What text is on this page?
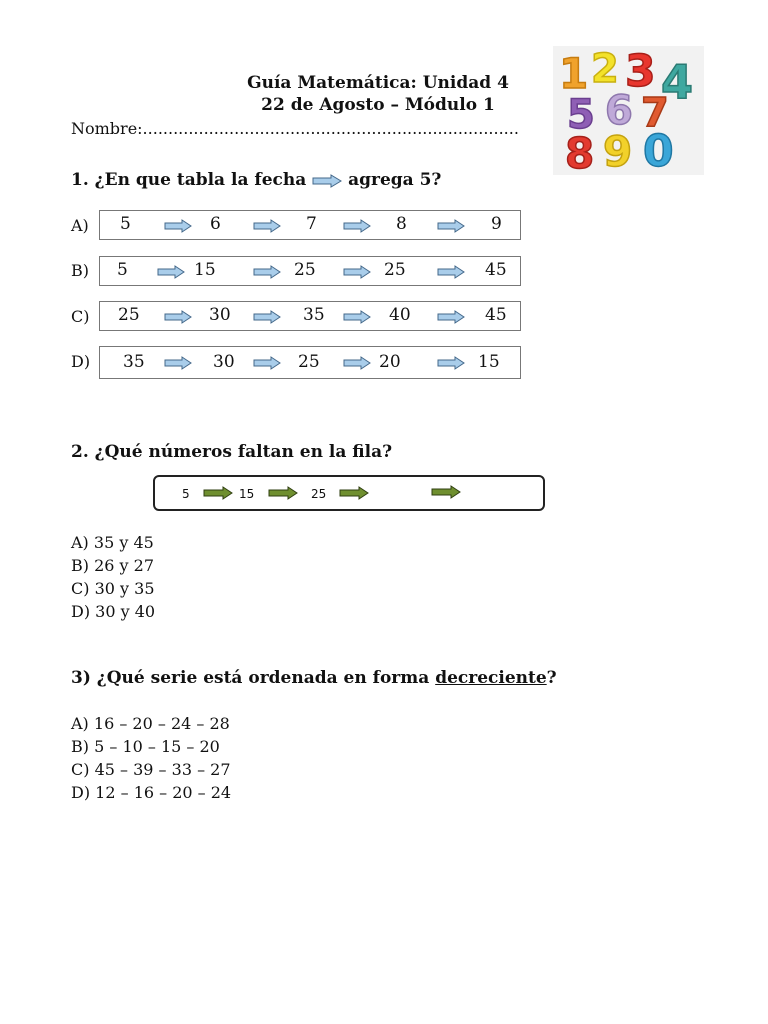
Guía Matemática: Unidad 4
22 de Agosto – Módulo 1
Nombre:..........................................................................
1 2 3 4
5 6 7
8 9 0
1. ¿En que tabla la fecha agrega 5?
A) 5	6	7	8	9
B) 5	15	25	25	45
C) 25	30	35	40	45
D) 35	30	25	20	15
2. ¿Qué números faltan en la fila?
5	15	25
A) 35 y 45
B) 26 y 27
C) 30 y 35
D) 30 y 40
3) ¿Qué serie está ordenada en forma decreciente?
A) 16 – 20 – 24 – 28
B) 5 – 10 – 15 – 20
C) 45 – 39 – 33 – 27
D) 12 – 16 – 20 – 24
